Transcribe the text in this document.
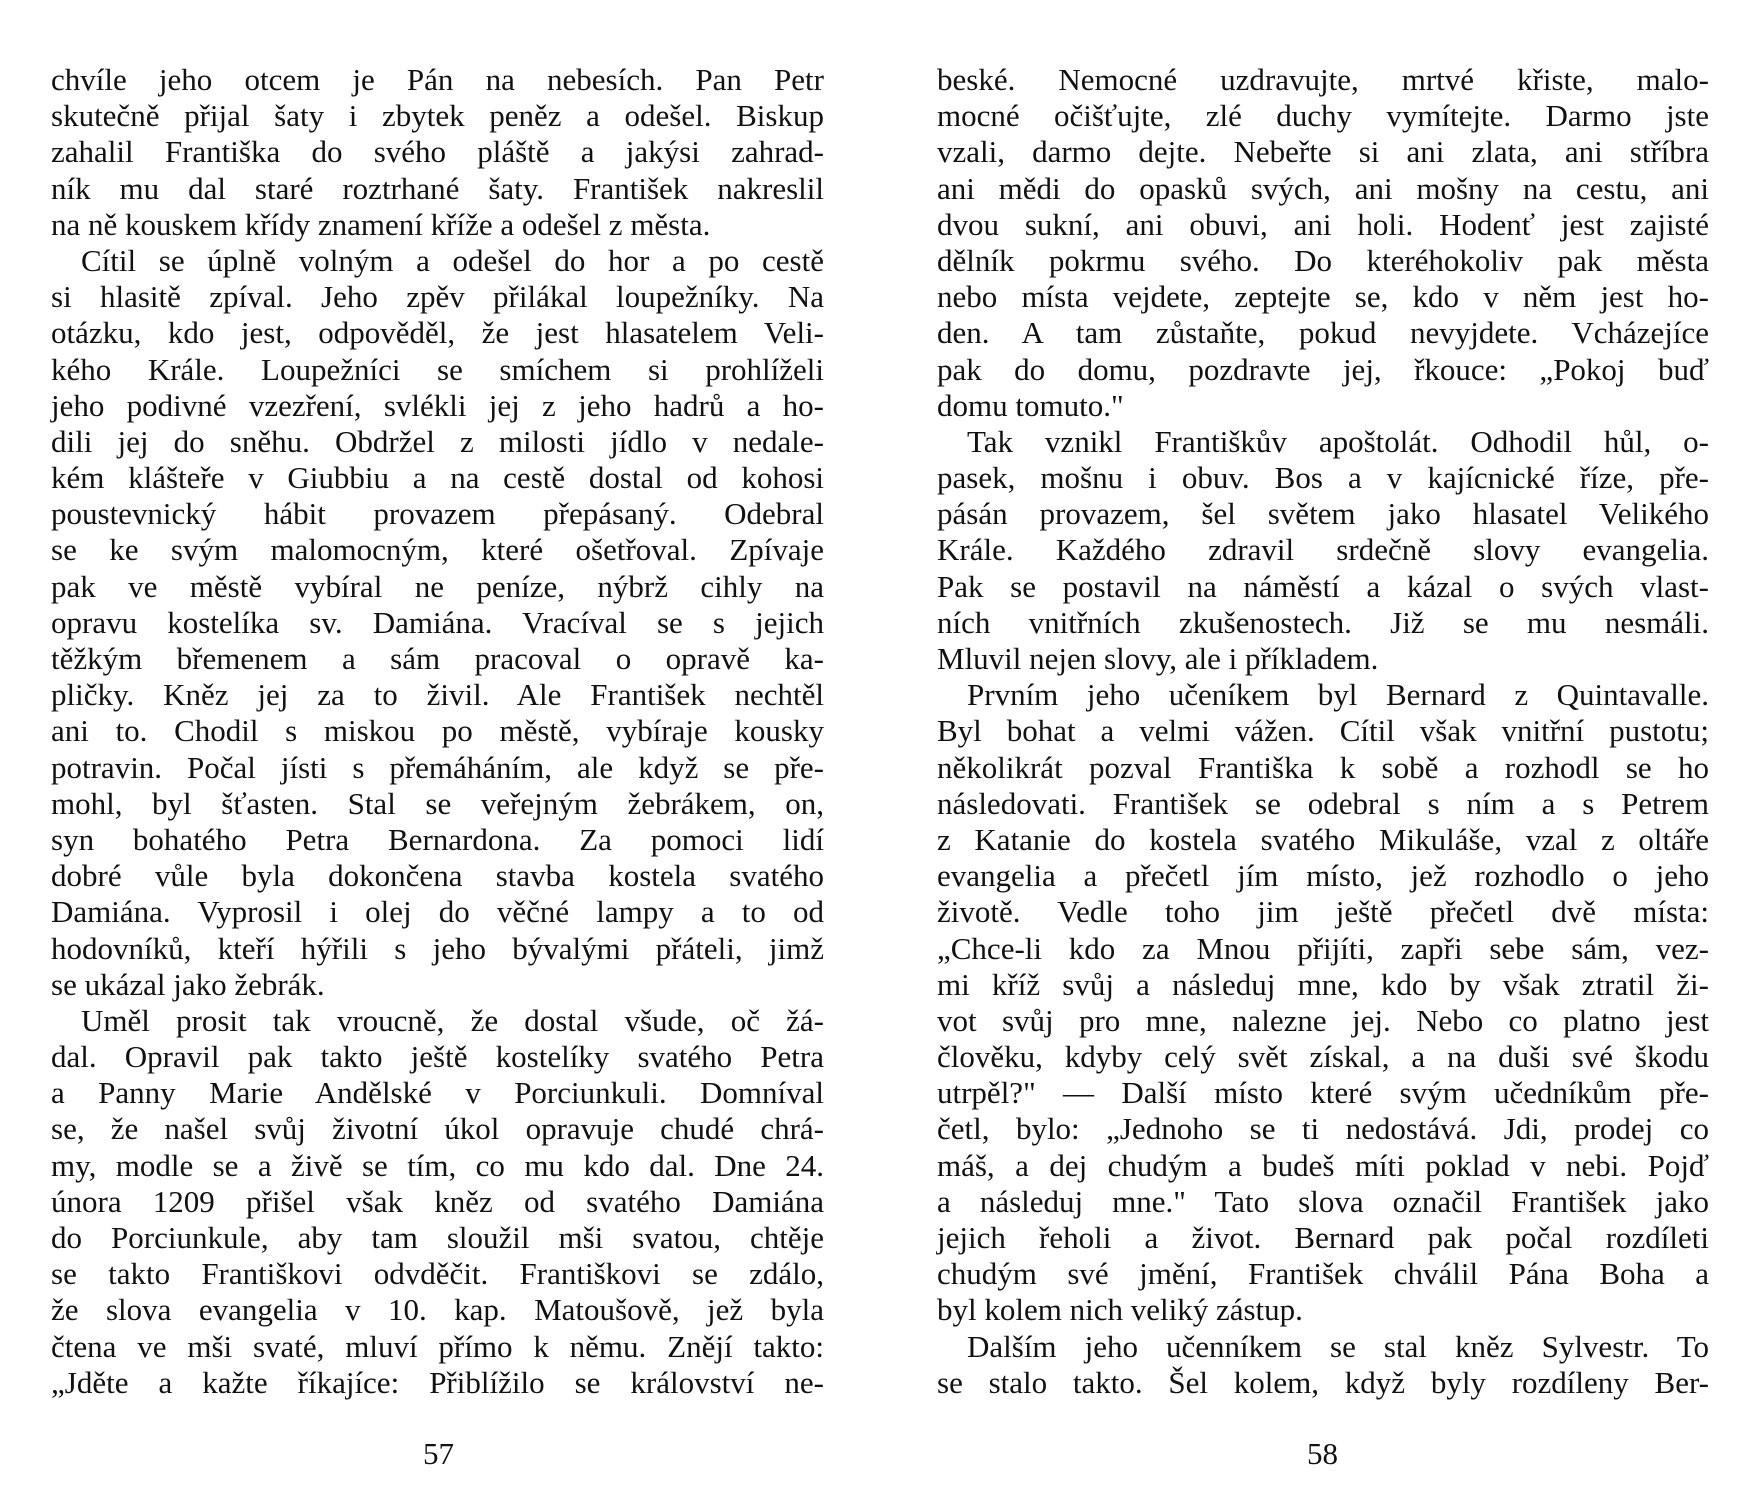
chvíle jeho otcem je Pán na nebesích. Pan Petr
skutečně přijal šaty i zbytek peněz a odešel. Biskup
zahalil Františka do svého pláště a jakýsi zahrad-
ník mu dal staré roztrhané šaty. František nakreslil
na ně kouskem křídy znamení kříže a odešel z města.
Cítil se úplně volným a odešel do hor a po cestě
si hlasitě zpíval. Jeho zpěv přilákal loupežníky. Na
otázku, kdo jest, odpověděl, že jest hlasatelem Veli-
kého Krále. Loupežníci se smíchem si prohlíželi
jeho podivné vzezření, svlékli jej z jeho hadrů a ho-
dili jej do sněhu. Obdržel z milosti jídlo v nedale-
kém klášteře v Giubbiu a na cestě dostal od kohosi
poustevnický hábit provazem přepásaný. Odebral
se ke svým malomocným, které ošetřoval. Zpívaje
pak ve městě vybíral ne peníze, nýbrž cihly na
opravu kostelíka sv. Damiána. Vracíval se s jejich
těžkým břemenem a sám pracoval o opravě ka-
pličky. Kněz jej za to živil. Ale František nechtěl
ani to. Chodil s miskou po městě, vybíraje kousky
potravin. Počal jísti s přemáháním, ale když se pře-
mohl, byl šťasten. Stal se veřejným žebrákem, on,
syn bohatého Petra Bernardona. Za pomoci lidí
dobré vůle byla dokončena stavba kostela svatého
Damiána. Vyprosil i olej do věčné lampy a to od
hodovníků, kteří hýřili s jeho bývalými přáteli, jimž
se ukázal jako žebrák.
Uměl prosit tak vroucně, že dostal všude, oč žá-
dal. Opravil pak takto ještě kostelíky svatého Petra
a Panny Marie Andělské v Porciunkuli. Domníval
se, že našel svůj životní úkol opravuje chudé chrá-
my, modle se a živě se tím, co mu kdo dal. Dne 24.
února 1209 přišel však kněz od svatého Damiána
do Porciunkule, aby tam sloužil mši svatou, chtěje
se takto Františkovi odvděčit. Františkovi se zdálo,
že slova evangelia v 10. kap. Matoušově, jež byla
čtena ve mši svaté, mluví přímo k němu. Znějí takto:
„Jděte a kažte říkajíce: Přiblížilo se království ne-
57
beské. Nemocné uzdravujte, mrtvé křiste, malo-
mocné očišťujte, zlé duchy vymítejte. Darmo jste
vzali, darmo dejte. Nebeřte si ani zlata, ani stříbra
ani mědi do opasků svých, ani mošny na cestu, ani
dvou sukní, ani obuvi, ani holi. Hodenť jest zajisté
dělník pokrmu svého. Do kteréhokoliv pak města
nebo místa vejdete, zeptejte se, kdo v něm jest ho-
den. A tam zůstaňte, pokud nevyjdete. Vcházejíce
pak do domu, pozdravte jej, řkouce: „Pokoj buď
domu tomuto."
Tak vznikl Františkův apoštolát. Odhodil hůl, o-
pasek, mošnu i obuv. Bos a v kajícnické říze, pře-
pásán provazem, šel světem jako hlasatel Velikého
Krále. Každého zdravil srdečně slovy evangelia.
Pak se postavil na náměstí a kázal o svých vlast-
ních vnitřních zkušenostech. Již se mu nesmáli.
Mluvil nejen slovy, ale i příkladem.
Prvním jeho učeníkem byl Bernard z Quintavalle.
Byl bohat a velmi vážen. Cítil však vnitřní pustotu;
několikrát pozval Františka k sobě a rozhodl se ho
následovati. František se odebral s ním a s Petrem
z Katanie do kostela svatého Mikuláše, vzal z oltáře
evangelia a přečetl jím místo, jež rozhodlo o jeho
životě. Vedle toho jim ještě přečetl dvě místa:
„Chce-li kdo za Mnou přijíti, zapři sebe sám, vez-
mi kříž svůj a následuj mne, kdo by však ztratil ži-
vot svůj pro mne, nalezne jej. Nebo co platno jest
člověku, kdyby celý svět získal, a na duši své škodu
utrpěl?" — Další místo které svým učedníkům pře-
četl, bylo: „Jednoho se ti nedostává. Jdi, prodej co
máš, a dej chudým a budeš míti poklad v nebi. Pojď
a následuj mne." Tato slova označil František jako
jejich řeholi a život. Bernard pak počal rozdíleti
chudým své jmění, František chválil Pána Boha a
byl kolem nich veliký zástup.
Dalším jeho učenníkem se stal kněz Sylvestr. To
se stalo takto. Šel kolem, když byly rozdíleny Ber-
58
